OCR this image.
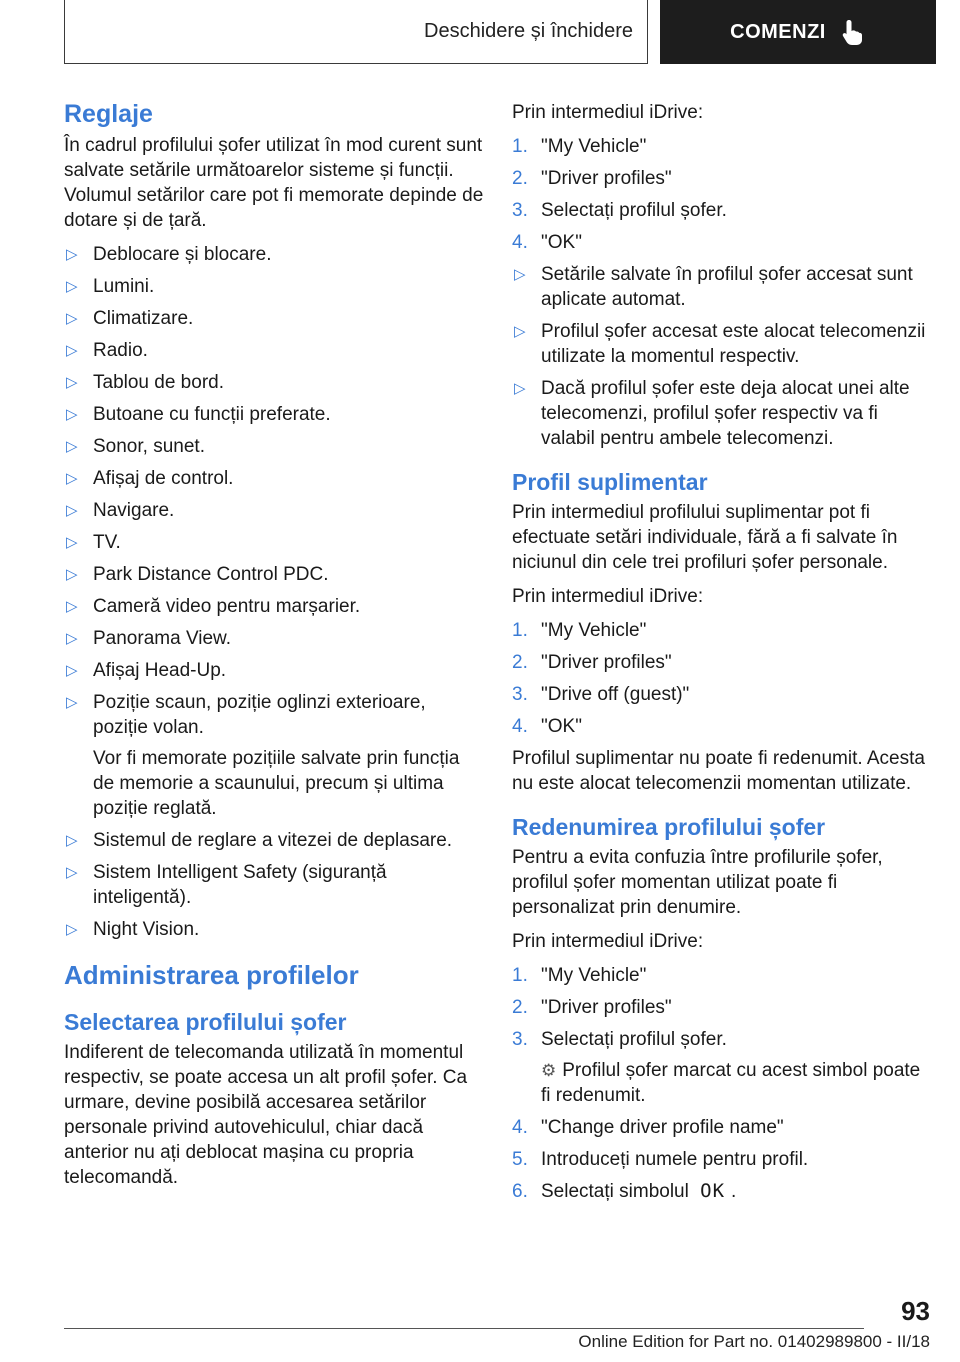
Deschidere și închidere	COMENZI
Reglaje

În cadrul profilului șofer utilizat în mod curent sunt salvate setările următoarelor sisteme și funcții. Volumul setărilor care pot fi memorate depinde de dotare și de țară.

▷ Deblocare și blocare.
▷ Lumini.
▷ Climatizare.
▷ Radio.
▷ Tablou de bord.
▷ Butoane cu funcții preferate.
▷ Sonor, sunet.
▷ Afișaj de control.
▷ Navigare.
▷ TV.
▷ Park Distance Control PDC.
▷ Cameră video pentru marșarier.
▷ Panorama View.
▷ Afișaj Head-Up.
▷ Poziție scaun, poziție oglinzi exterioare, poziție volan.
Vor fi memorate pozițiile salvate prin funcția de memorie a scaunului, precum și ultima poziție reglată.
▷ Sistemul de reglare a vitezei de deplasare.
▷ Sistem Intelligent Safety (siguranță inteligentă).
▷ Night Vision.
Administrarea profilelor
Selectarea profilului șofer

Indiferent de telecomanda utilizată în momentul respectiv, se poate accesa un alt profil șofer. Ca urmare, devine posibilă accesarea setărilor personale privind autovehiculul, chiar dacă anterior nu ați deblocat mașina cu propria telecomandă.

Prin intermediul iDrive:

1. "My Vehicle"
2. "Driver profiles"
3. Selectați profilul șofer.
4. "OK"
▷ Setările salvate în profilul șofer accesat sunt aplicate automat.
▷ Profilul șofer accesat este alocat telecomenzii utilizate la momentul respectiv.
▷ Dacă profilul șofer este deja alocat unei alte telecomenzi, profilul șofer respectiv va fi valabil pentru ambele telecomenzi.
Profil suplimentar

Prin intermediul profilului suplimentar pot fi efectuate setări individuale, fără a fi salvate în niciunul din cele trei profiluri șofer personale.

Prin intermediul iDrive:

1. "My Vehicle"
2. "Driver profiles"
3. "Drive off (guest)"
4. "OK"

Profilul suplimentar nu poate fi redenumit. Acesta nu este alocat telecomenzii momentan utilizate.

Redenumirea profilului șofer

Pentru a evita confuzia între profilurile șofer, profilul șofer momentan utilizat poate fi personalizat prin denumire.

Prin intermediul iDrive:

1. "My Vehicle"
2. "Driver profiles"
3. Selectați profilul șofer.
⚙ Profilul șofer marcat cu acest simbol poate fi redenumit.
4. "Change driver profile name"
5. Introduceți numele pentru profil.
6. Selectați simbolul OK .
93
Online Edition for Part no. 01402989800 - II/18
